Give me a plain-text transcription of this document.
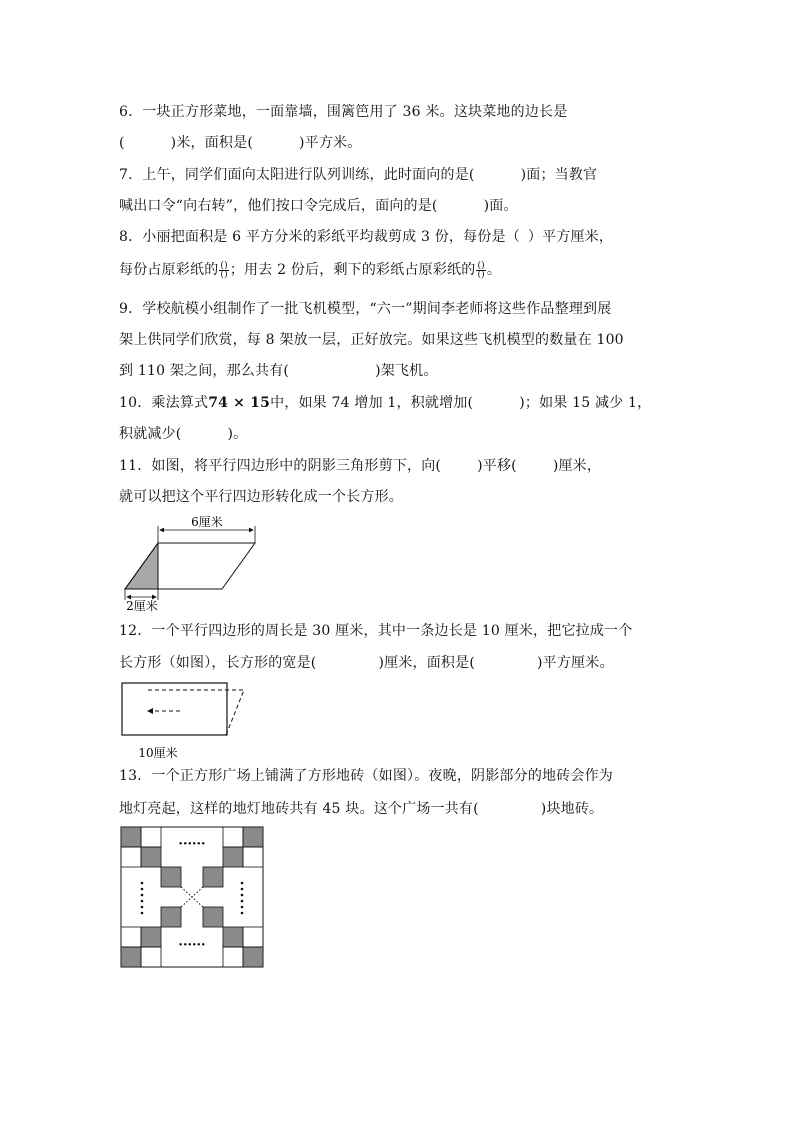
6．一块正方形菜地，一面靠墙，围篱笆用了 36 米。这块菜地的边长是
(	)米，面积是(	)平方米。
7．上午，同学们面向太阳进行队列训练，此时面向的是(	)面；当教官
喊出口令“向右转”，他们按口令完成后，面向的是(	)面。
8．小丽把面积是 6 平方分米的彩纸平均裁剪成 3 份，每份是（ ）平方厘米，
每份占原彩纸的 $\frac{()}{()}$ ；用去 2 份后，剩下的彩纸占原彩纸的 $\frac{()}{()}$ 。
9．学校航模小组制作了一批飞机模型，“六一”期间李老师将这些作品整理到展
架上供同学们欣赏，每 8 架放一层，正好放完。如果这些飞机模型的数量在 100
到 110 架之间，那么共有(	)架飞机。
10．乘法算式74 × 15中，如果 74 增加 1，积就增加(	)；如果 15 减少 1，
积就减少(	)。
11．如图，将平行四边形中的阴影三角形剪下，向(	)平移(	)厘米，
就可以把这个平行四边形转化成一个长方形。
6厘米
2厘米
12．一个平行四边形的周长是 30 厘米，其中一条边长是 10 厘米，把它拉成一个
长方形（如图），长方形的宽是(	)厘米，面积是(	)平方厘米。
10厘米
13．一个正方形广场上铺满了方形地砖（如图）。夜晚，阴影部分的地砖会作为
地灯亮起，这样的地灯地砖共有 45 块。这个广场一共有(	)块地砖。
······
······
